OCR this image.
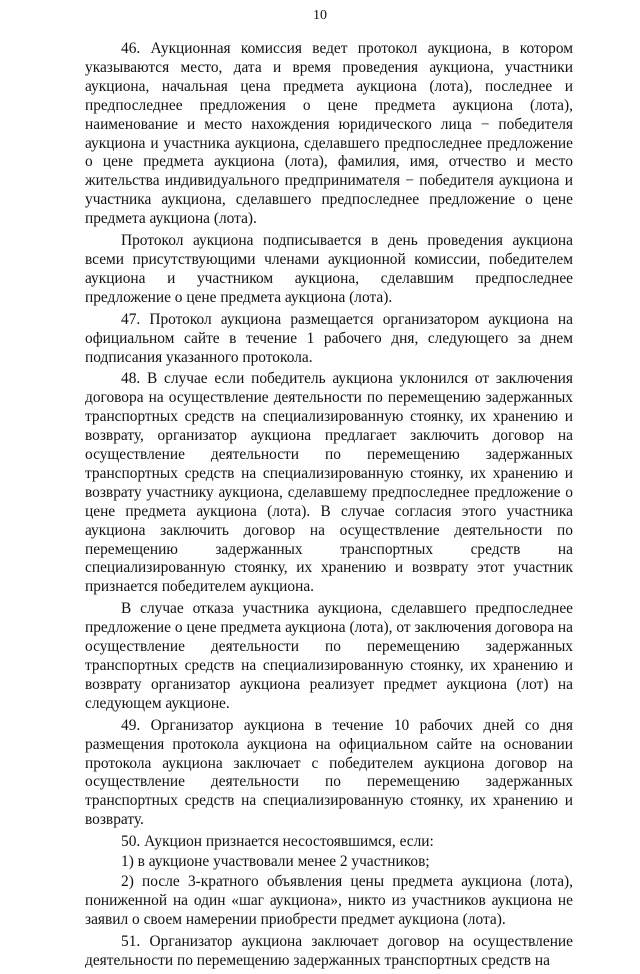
10

46. Аукционная комиссия ведет протокол аукциона, в котором указываются место, дата и время проведения аукциона, участники аукциона, начальная цена предмета аукциона (лота), последнее и предпоследнее предложения о цене предмета аукциона (лота), наименование и место нахождения юридического лица − победителя аукциона и участника аукциона, сделавшего предпоследнее предложение о цене предмета аукциона (лота), фамилия, имя, отчество и место жительства индивидуального предпринимателя − победителя аукциона и участника аукциона, сделавшего предпоследнее предложение о цене предмета аукциона (лота).

Протокол аукциона подписывается в день проведения аукциона всеми присутствующими членами аукционной комиссии, победителем аукциона и участником аукциона, сделавшим предпоследнее предложение о цене предмета аукциона (лота).

47. Протокол аукциона размещается организатором аукциона на официальном сайте в течение 1 рабочего дня, следующего за днем подписания указанного протокола.

48. В случае если победитель аукциона уклонился от заключения договора на осуществление деятельности по перемещению задержанных транспортных средств на специализированную стоянку, их хранению и возврату, организатор аукциона предлагает заключить договор на осуществление деятельности по перемещению задержанных транспортных средств на специализированную стоянку, их хранению и возврату участнику аукциона, сделавшему предпоследнее предложение о цене предмета аукциона (лота). В случае согласия этого участника аукциона заключить договор на осуществление деятельности по перемещению задержанных транспортных средств на специализированную стоянку, их хранению и возврату этот участник признается победителем аукциона.

В случае отказа участника аукциона, сделавшего предпоследнее предложение о цене предмета аукциона (лота), от заключения договора на осуществление деятельности по перемещению задержанных транспортных средств на специализированную стоянку, их хранению и возврату организатор аукциона реализует предмет аукциона (лот) на следующем аукционе.

49. Организатор аукциона в течение 10 рабочих дней со дня размещения протокола аукциона на официальном сайте на основании протокола аукциона заключает с победителем аукциона договор на осуществление деятельности по перемещению задержанных транспортных средств на специализированную стоянку, их хранению и возврату.

50. Аукцион признается несостоявшимся, если:

1) в аукционе участвовали менее 2 участников;

2) после 3-кратного объявления цены предмета аукциона (лота), пониженной на один «шаг аукциона», никто из участников аукциона не заявил о своем намерении приобрести предмет аукциона (лота).

51. Организатор аукциона заключает договор на осуществление деятельности по перемещению задержанных транспортных средств на
